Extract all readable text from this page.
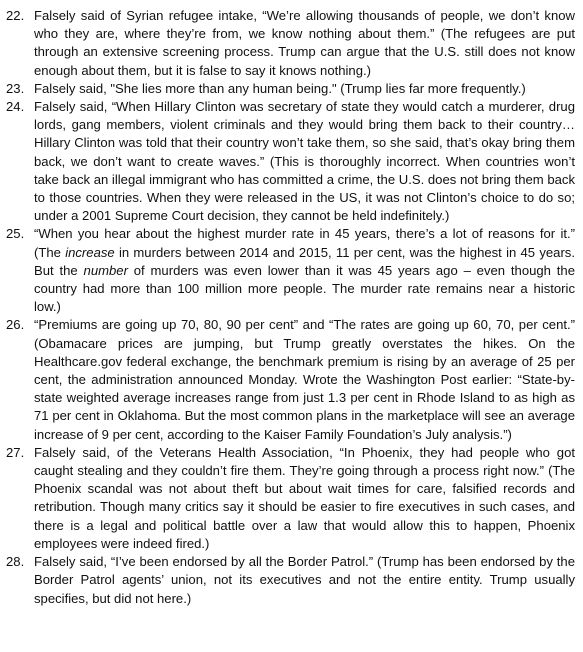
22. Falsely said of Syrian refugee intake, “We’re allowing thousands of people, we don’t know who they are, where they’re from, we know nothing about them.” (The refugees are put through an extensive screening process. Trump can argue that the U.S. still does not know enough about them, but it is false to say it knows nothing.)
23. Falsely said, "She lies more than any human being." (Trump lies far more frequently.)
24. Falsely said, “When Hillary Clinton was secretary of state they would catch a murderer, drug lords, gang members, violent criminals and they would bring them back to their country…Hillary Clinton was told that their country won’t take them, so she said, that’s okay bring them back, we don’t want to create waves.” (This is thoroughly incorrect. When countries won’t take back an illegal immigrant who has committed a crime, the U.S. does not bring them back to those countries. When they were released in the US, it was not Clinton’s choice to do so; under a 2001 Supreme Court decision, they cannot be held indefinitely.)
25. “When you hear about the highest murder rate in 45 years, there’s a lot of reasons for it.” (The increase in murders between 2014 and 2015, 11 per cent, was the highest in 45 years. But the number of murders was even lower than it was 45 years ago – even though the country had more than 100 million more people. The murder rate remains near a historic low.)
26. “Premiums are going up 70, 80, 90 per cent” and “The rates are going up 60, 70, per cent.” (Obamacare prices are jumping, but Trump greatly overstates the hikes. On the Healthcare.gov federal exchange, the benchmark premium is rising by an average of 25 per cent, the administration announced Monday. Wrote the Washington Post earlier: “State-by-state weighted average increases range from just 1.3 per cent in Rhode Island to as high as 71 per cent in Oklahoma. But the most common plans in the marketplace will see an average increase of 9 per cent, according to the Kaiser Family Foundation’s July analysis.”)
27. Falsely said, of the Veterans Health Association, “In Phoenix, they had people who got caught stealing and they couldn’t fire them. They’re going through a process right now.” (The Phoenix scandal was not about theft but about wait times for care, falsified records and retribution. Though many critics say it should be easier to fire executives in such cases, and there is a legal and political battle over a law that would allow this to happen, Phoenix employees were indeed fired.)
28. Falsely said, “I’ve been endorsed by all the Border Patrol.” (Trump has been endorsed by the Border Patrol agents’ union, not its executives and not the entire entity. Trump usually specifies, but did not here.)
